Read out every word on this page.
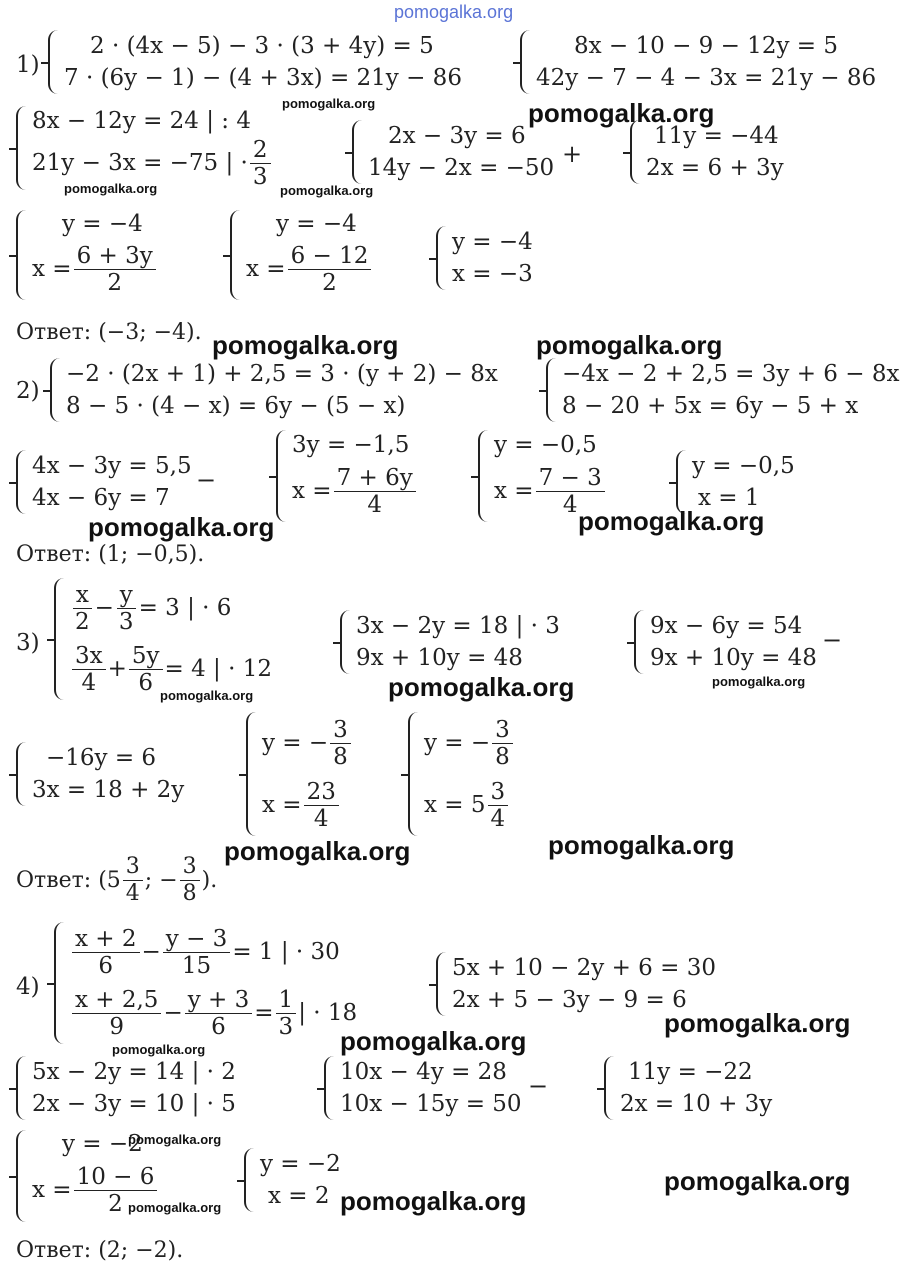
pomogalka.org
1)
2 · (4x − 5) − 3 · (3 + 4y) = 5
7 · (6y − 1) − (4 + 3x) = 21y − 86
8x − 10 − 9 − 12y = 5
42y − 7 − 4 − 3x = 21y − 86
pomogalka.org	pomogalka.org
8x − 12y = 24 | : 4
21y − 3x = −75 | · $\frac{2}{3}$
pomogalka.org	pomogalka.org
2x − 3y = 6
14y − 2x = −50 +
11y = −44
2x = 6 + 3y
y = −4
$x = \frac{6 + 3y}{2}$
y = −4
$x = \frac{6 - 12}{2}$
y = −4
x = −3
Ответ: (−3; −4). pomogalka.org	pomogalka.org
2)
−2 · (2x + 1) + 2,5 = 3 · (y + 2) − 8x
8 − 5 · (4 − x) = 6y − (5 − x)
−4x − 2 + 2,5 = 3y + 6 − 8x
8 − 20 + 5x = 6y − 5 + x
4x − 3y = 5,5
4x − 6y = 7
−
pomogalka.org
3y = −1,5
$x = \frac{7 + 6y}{4}$
y = −0,5
$x = \frac{7 - 3}{4}$
pomogalka.org
y = −0,5
x = 1
Ответ: (1; −0,5).
3)
$\frac{x}{2} - \frac{y}{3} = 3$ | · 6
$\frac{3x}{4} + \frac{5y}{6} = 4$ | · 12
pomogalka.org
3x − 2y = 18 | · 3
9x + 10y = 48
pomogalka.org
9x − 6y = 54
9x + 10y = 48
−
pomogalka.org
−16y = 6
3x = 18 + 2y
y = − $\frac{3}{8}$
$x = \frac{23}{4}$
y = − $\frac{3}{8}$
$x = 5 \frac{3}{4}$
pomogalka.org	pomogalka.org
Ответ:
($5 \frac{3}{4}$ ; − $\frac{3}{8}$ ).
4)
$\frac{x + 2}{6} - \frac{y - 3}{15} = 1$ | · 30
$\frac{x + 2,5}{9} - \frac{y + 3}{6} = \frac{1}{3}$ | · 18
pomogalka.org	pomogalka.org
5x + 10 − 2y + 6 = 30
2x + 5 − 3y − 9 = 6
pomogalka.org
5x − 2y = 14 | · 2
2x − 3y = 10 | · 5
10x − 4y = 28
10x − 15y = 50
−	11y = −22
2x = 10 + 3y
y = −2
$x = \frac{10 - 6}{2}$
pomogalka.org
pomogalka.org
y = −2
x = 2 pomogalka.org
pomogalka.org
Ответ: (2; −2).
